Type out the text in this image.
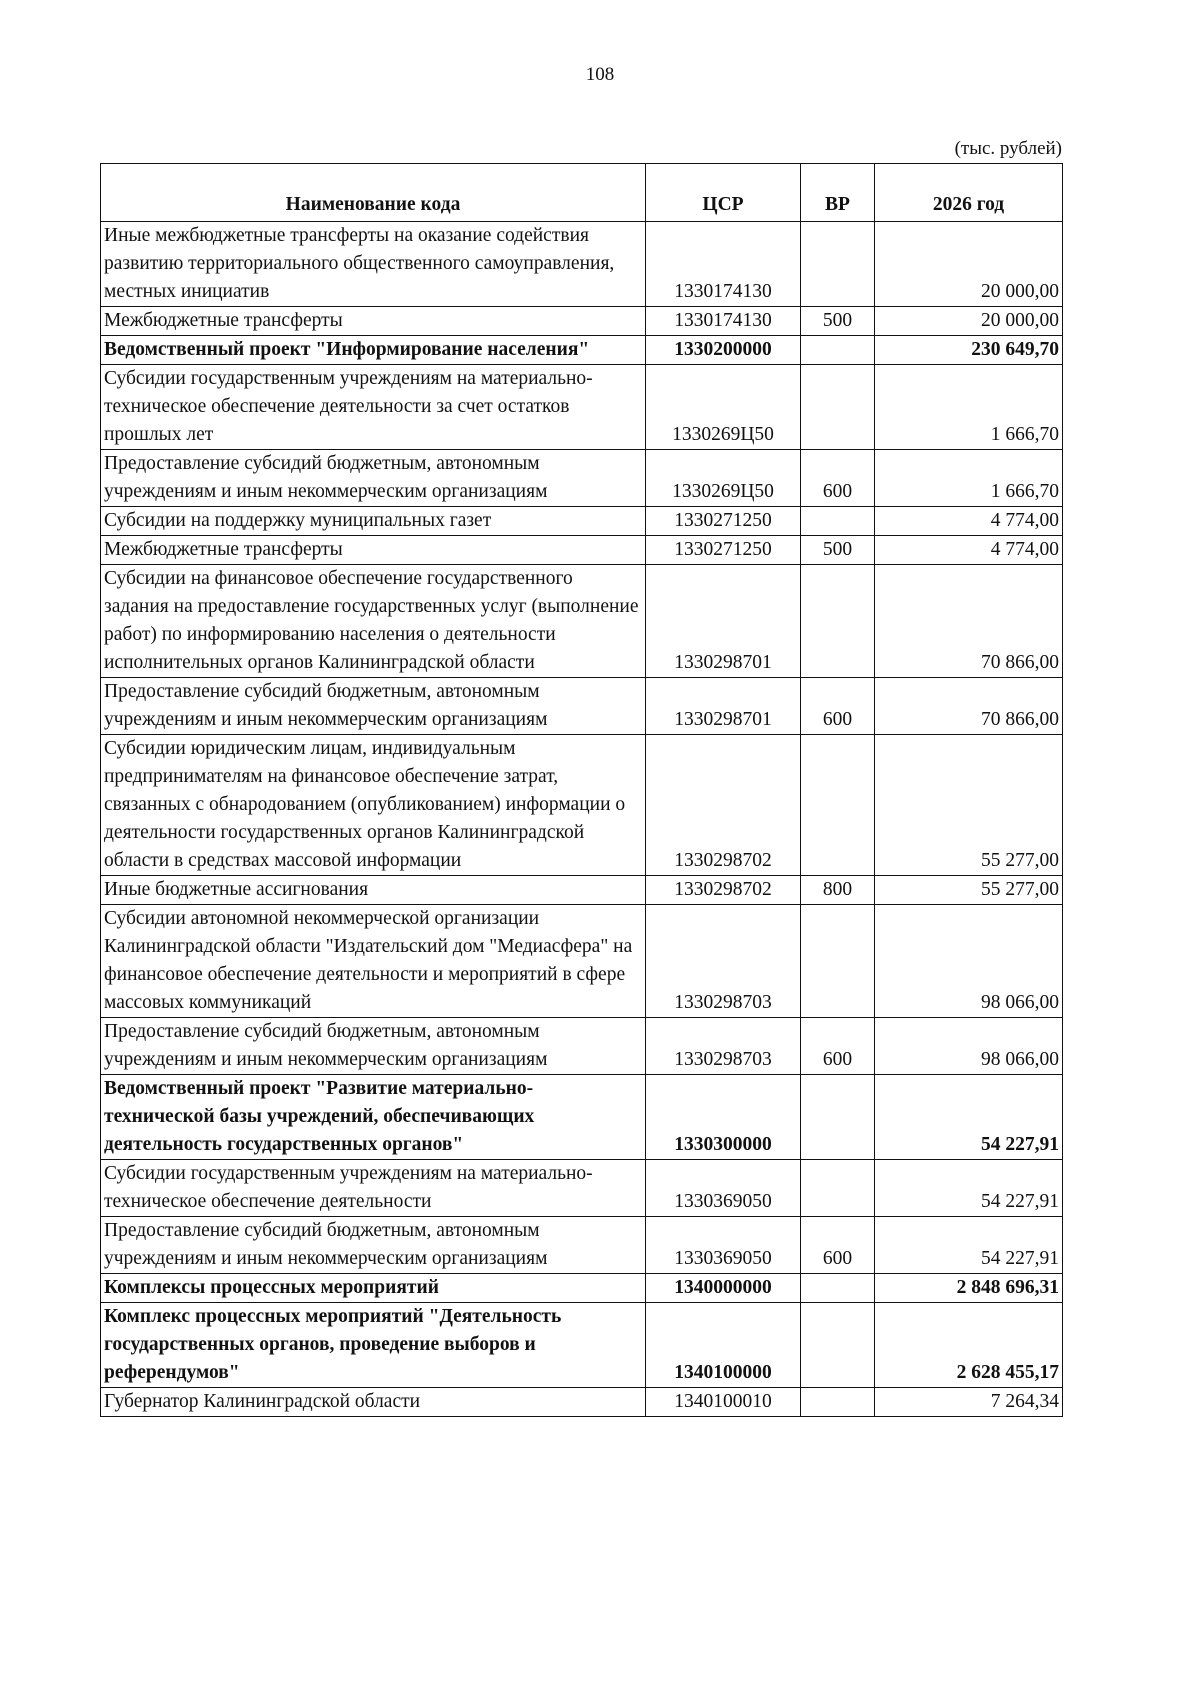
108
(тыс. рублей)
Наименование кода	ЦСР	ВР	2026 год
Иные межбюджетные трансферты на оказание содействия развитию территориального общественного самоуправления, местных инициатив	1330174130		20 000,00
Межбюджетные трансферты	1330174130	500	20 000,00
Ведомственный проект "Информирование населения"	1330200000		230 649,70
Субсидии государственным учреждениям на материально-техническое обеспечение деятельности за счет остатков прошлых лет	1330269Ц50		1 666,70
Предоставление субсидий бюджетным, автономным учреждениям и иным некоммерческим организациям	1330269Ц50	600	1 666,70
Субсидии на поддержку муниципальных газет	1330271250		4 774,00
Межбюджетные трансферты	1330271250	500	4 774,00
Субсидии на финансовое обеспечение государственного задания на предоставление государственных услуг (выполнение работ) по информированию населения о деятельности исполнительных органов Калининградской области	1330298701		70 866,00
Предоставление субсидий бюджетным, автономным учреждениям и иным некоммерческим организациям	1330298701	600	70 866,00
Субсидии юридическим лицам, индивидуальным предпринимателям на финансовое обеспечение затрат, связанных с обнародованием (опубликованием) информации о деятельности государственных органов Калининградской области в средствах массовой информации	1330298702		55 277,00
Иные бюджетные ассигнования	1330298702	800	55 277,00
Субсидии автономной некоммерческой организации Калининградской области "Издательский дом "Медиасфера" на финансовое обеспечение деятельности и мероприятий в сфере массовых коммуникаций	1330298703		98 066,00
Предоставление субсидий бюджетным, автономным учреждениям и иным некоммерческим организациям	1330298703	600	98 066,00
Ведомственный проект "Развитие материально-технической базы учреждений, обеспечивающих деятельность государственных органов"	1330300000		54 227,91
Субсидии государственным учреждениям на материально-техническое обеспечение деятельности	1330369050		54 227,91
Предоставление субсидий бюджетным, автономным учреждениям и иным некоммерческим организациям	1330369050	600	54 227,91
Комплексы процессных мероприятий	1340000000		2 848 696,31
Комплекс процессных мероприятий "Деятельность государственных органов, проведение выборов и референдумов"	1340100000		2 628 455,17
Губернатор Калининградской области	1340100010		7 264,34
